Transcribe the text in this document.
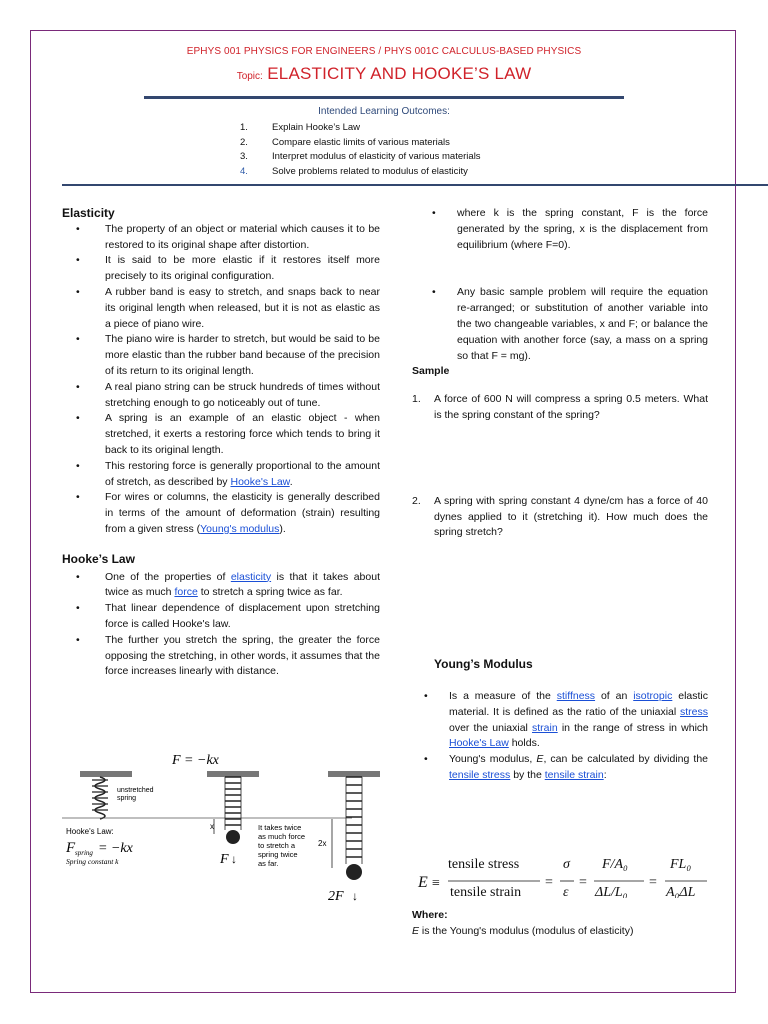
EPHYS 001 PHYSICS FOR ENGINEERS / PHYS 001C CALCULUS-BASED PHYSICS
Topic: ELASTICITY AND HOOKE’S LAW
Intended Learning Outcomes:
1.	Explain Hooke’s Law
2.	Compare elastic limits of various materials
3.	Interpret modulus of elasticity of various materials
4.	Solve problems related to modulus of elasticity
Elasticity
• The property of an object or material which causes it to be restored to its original shape after distortion.
• It is said to be more elastic if it restores itself more precisely to its original configuration.
• A rubber band is easy to stretch, and snaps back to near its original length when released, but it is not as elastic as a piece of piano wire.
• The piano wire is harder to stretch, but would be said to be more elastic than the rubber band because of the precision of its return to its original length.
• A real piano string can be struck hundreds of times without stretching enough to go noticeably out of tune.
• A spring is an example of an elastic object - when stretched, it exerts a restoring force which tends to bring it back to its original length.
• This restoring force is generally proportional to the amount of stretch, as described by Hooke's Law.
• For wires or columns, the elasticity is generally described in terms of the amount of deformation (strain) resulting from a given stress (Young's modulus).
Hooke’s Law
• One of the properties of elasticity is that it takes about twice as much force to stretch a spring twice as far.
• That linear dependence of displacement upon stretching force is called Hooke's law.
• The further you stretch the spring, the greater the force opposing the stretching, in other words, it assumes that the force increases linearly with distance.
F = −kx
unstretched
spring
x
F ↓
2x
2F ↓
Hooke's Law:
F spring = −kx
Spring constant k
It takes twice
as much force
to stretch a
spring twice
as far.
• where k is the spring constant, F is the force generated by the spring, x is the displacement from equilibrium (where F=0).
• Any basic sample problem will require the equation re-arranged; or substitution of another variable into the two changeable variables, x and F; or balance the equation with another force (say, a mass on a spring so that F = mg).
Sample
1. A force of 600 N will compress a spring 0.5 meters. What is the spring constant of the spring?
2. A spring with spring constant 4 dyne/cm has a force of 40 dynes applied to it (stretching it). How much does the spring stretch?
Young’s Modulus
• Is a measure of the stiffness of an isotropic elastic material. It is defined as the ratio of the uniaxial stress over the uniaxial strain in the range of stress in which Hooke's Law holds.
• Young's modulus, E, can be calculated by dividing the tensile stress by the tensile strain:
E ≡
tensile stress
tensile strain
=
σ
ε
=
F/A₀
ΔL/L₀
=
FL₀
A₀ΔL
Where:
E is the Young's modulus (modulus of elasticity)
